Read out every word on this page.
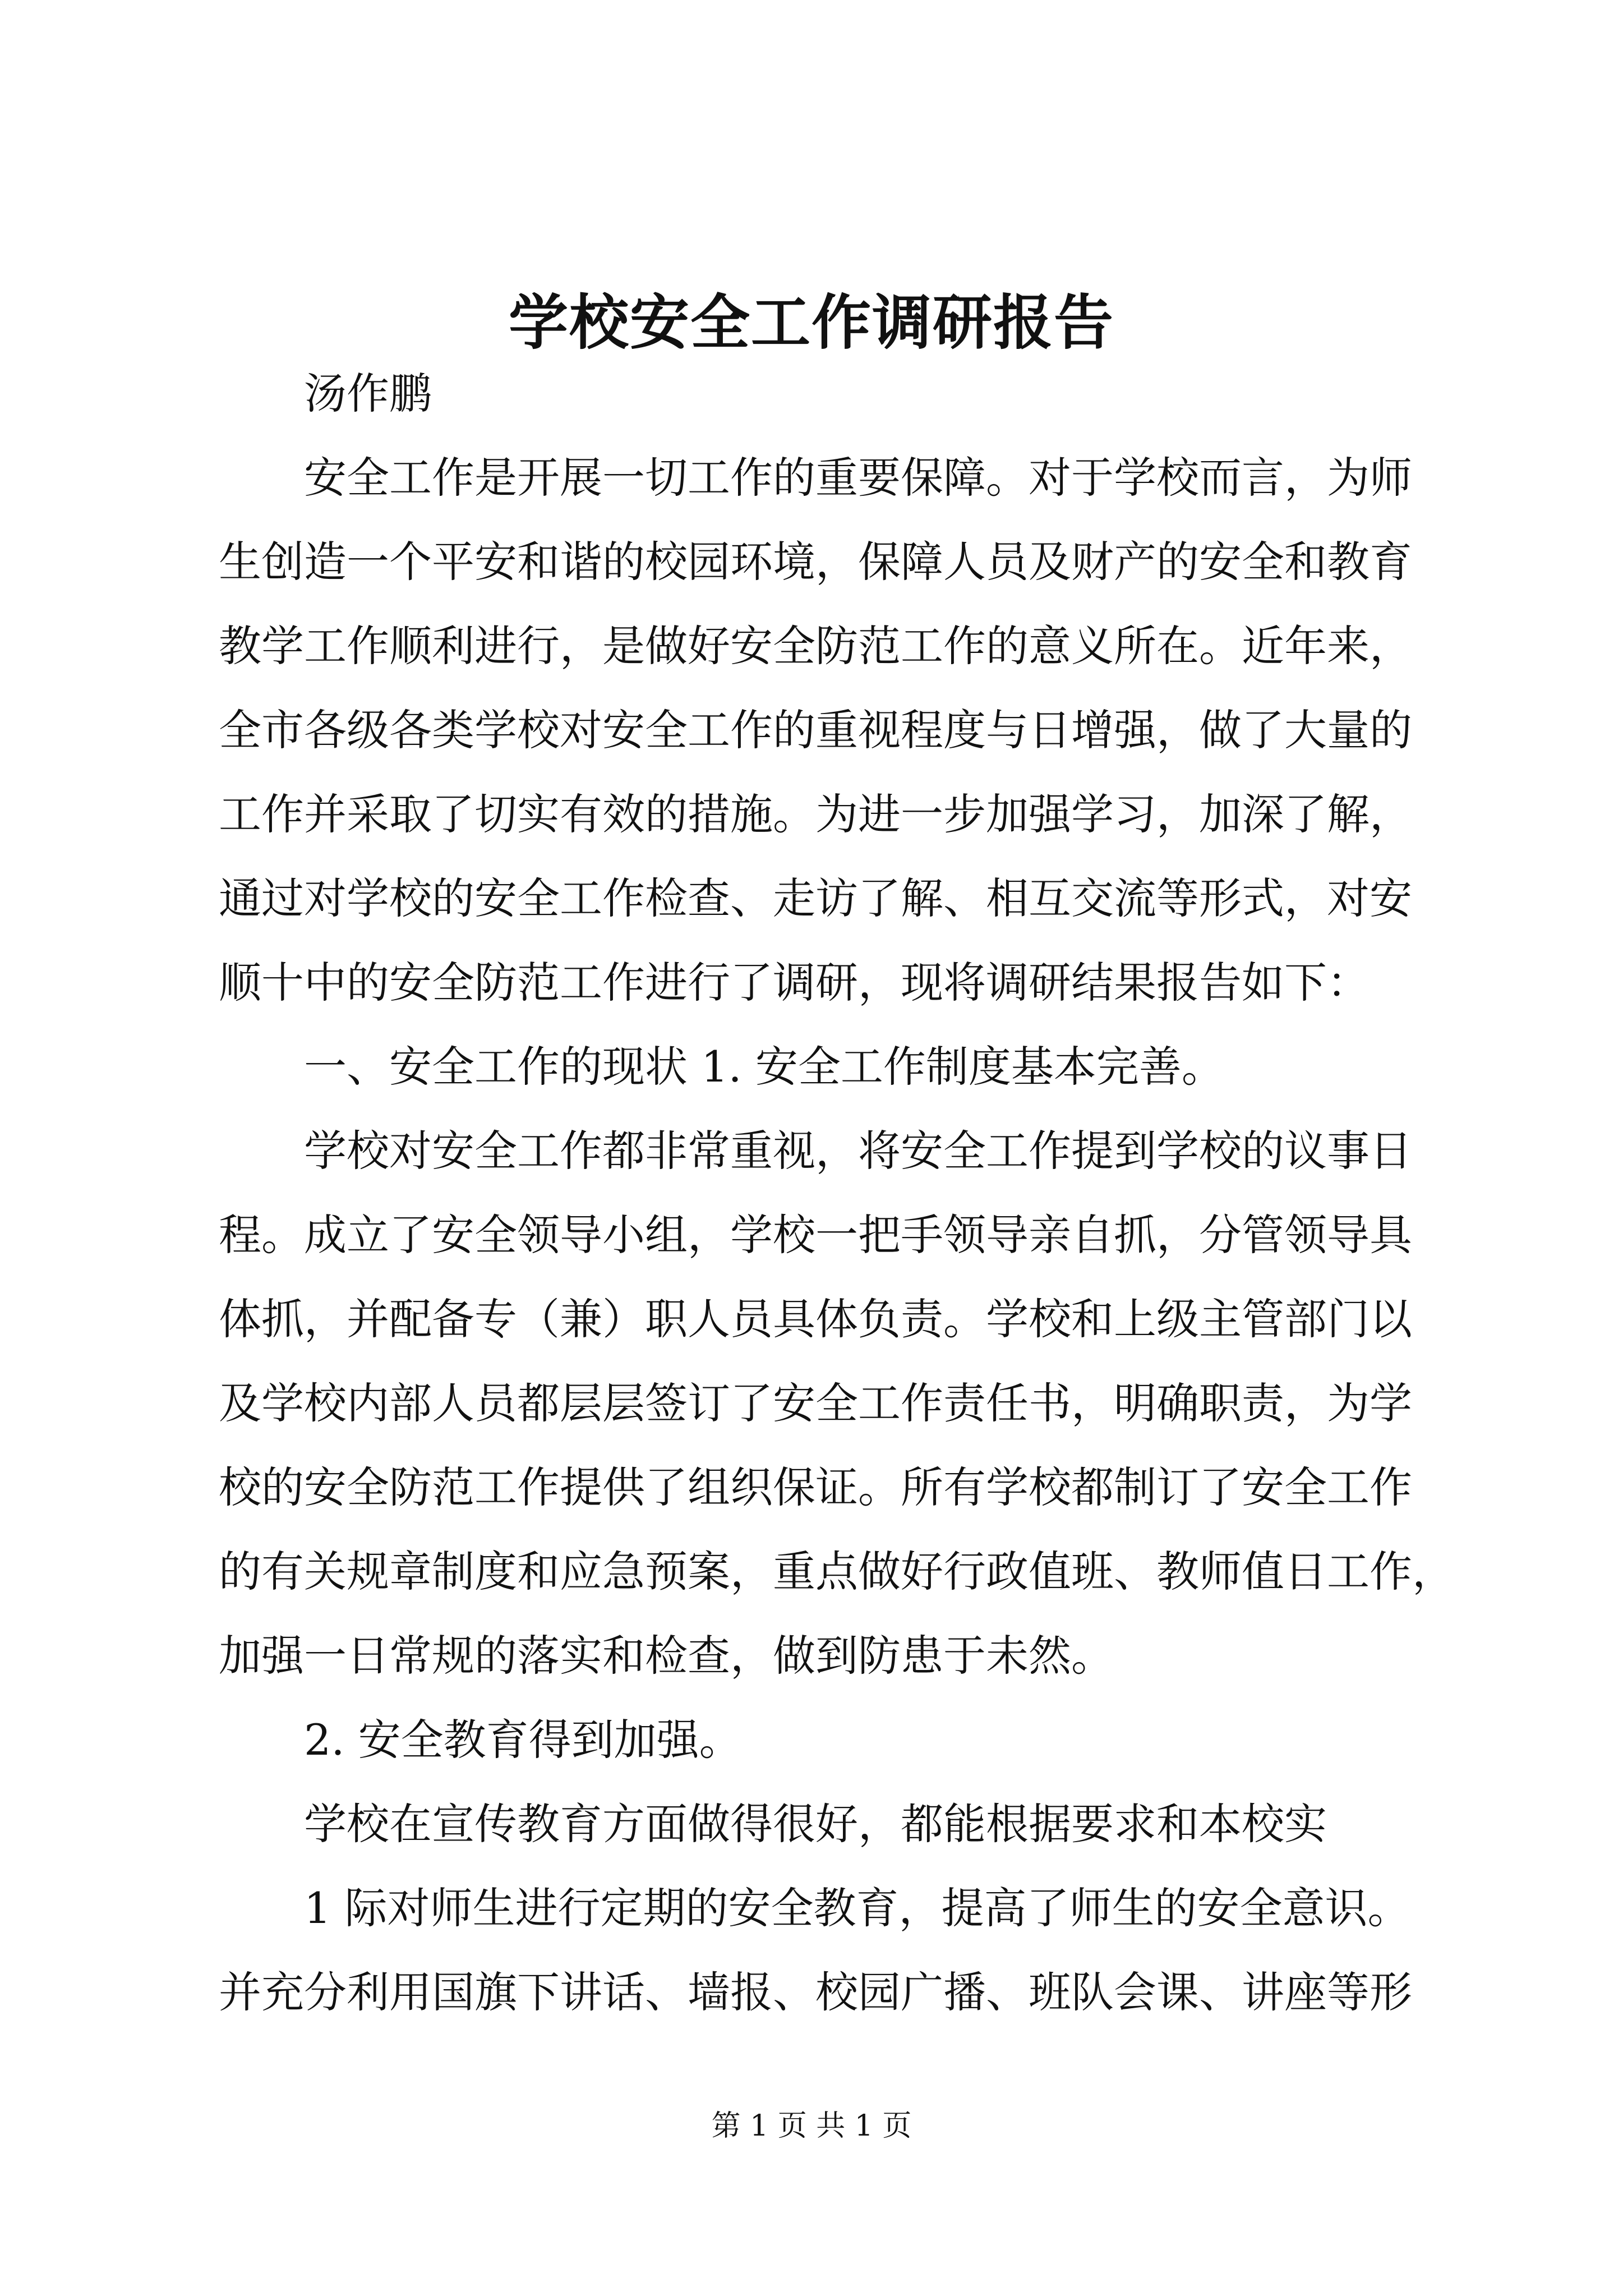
学校安全工作调研报告

汤作鹏

安全工作是开展一切工作的重要保障。对于学校而言，为师

生创造一个平安和谐的校园环境，保障人员及财产的安全和教育

教学工作顺利进行，是做好安全防范工作的意义所在。近年来，

全市各级各类学校对安全工作的重视程度与日增强，做了大量的

工作并采取了切实有效的措施。为进一步加强学习，加深了解，

通过对学校的安全工作检查、走访了解、相互交流等形式，对安

顺十中的安全防范工作进行了调研，现将调研结果报告如下：

一、安全工作的现状 1. 安全工作制度基本完善。

学校对安全工作都非常重视，将安全工作提到学校的议事日

程。成立了安全领导小组，学校一把手领导亲自抓，分管领导具

体抓，并配备专（兼）职人员具体负责。学校和上级主管部门以

及学校内部人员都层层签订了安全工作责任书，明确职责，为学

校的安全防范工作提供了组织保证。所有学校都制订了安全工作

的有关规章制度和应急预案，重点做好行政值班、教师值日工作，

加强一日常规的落实和检查，做到防患于未然。

2. 安全教育得到加强。

学校在宣传教育方面做得很好，都能根据要求和本校实

1 际对师生进行定期的安全教育，提高了师生的安全意识。

并充分利用国旗下讲话、墙报、校园广播、班队会课、讲座等形

第 1 页 共 1 页
